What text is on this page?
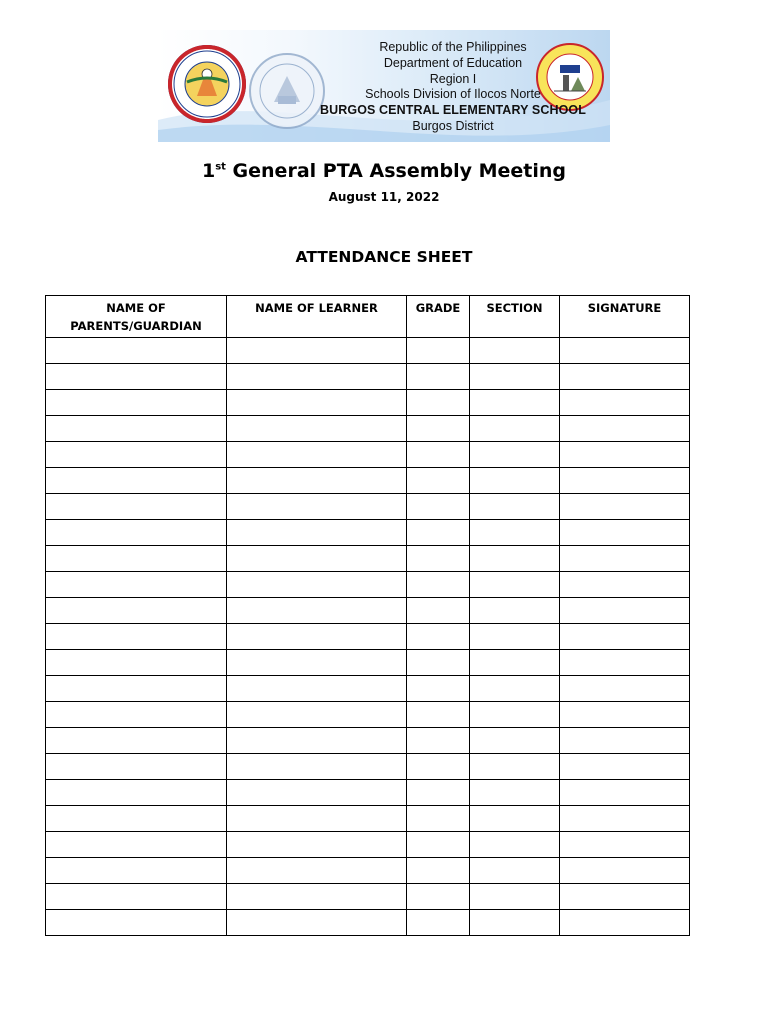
Republic of the Philippines
Department of Education
Region I
Schools Division of Ilocos Norte
BURGOS CENTRAL ELEMENTARY SCHOOL
Burgos District
1st General PTA Assembly Meeting
August 11, 2022
ATTENDANCE SHEET
NAME OF PARENTS/GUARDIAN	NAME OF LEARNER	GRADE	SECTION	SIGNATURE
